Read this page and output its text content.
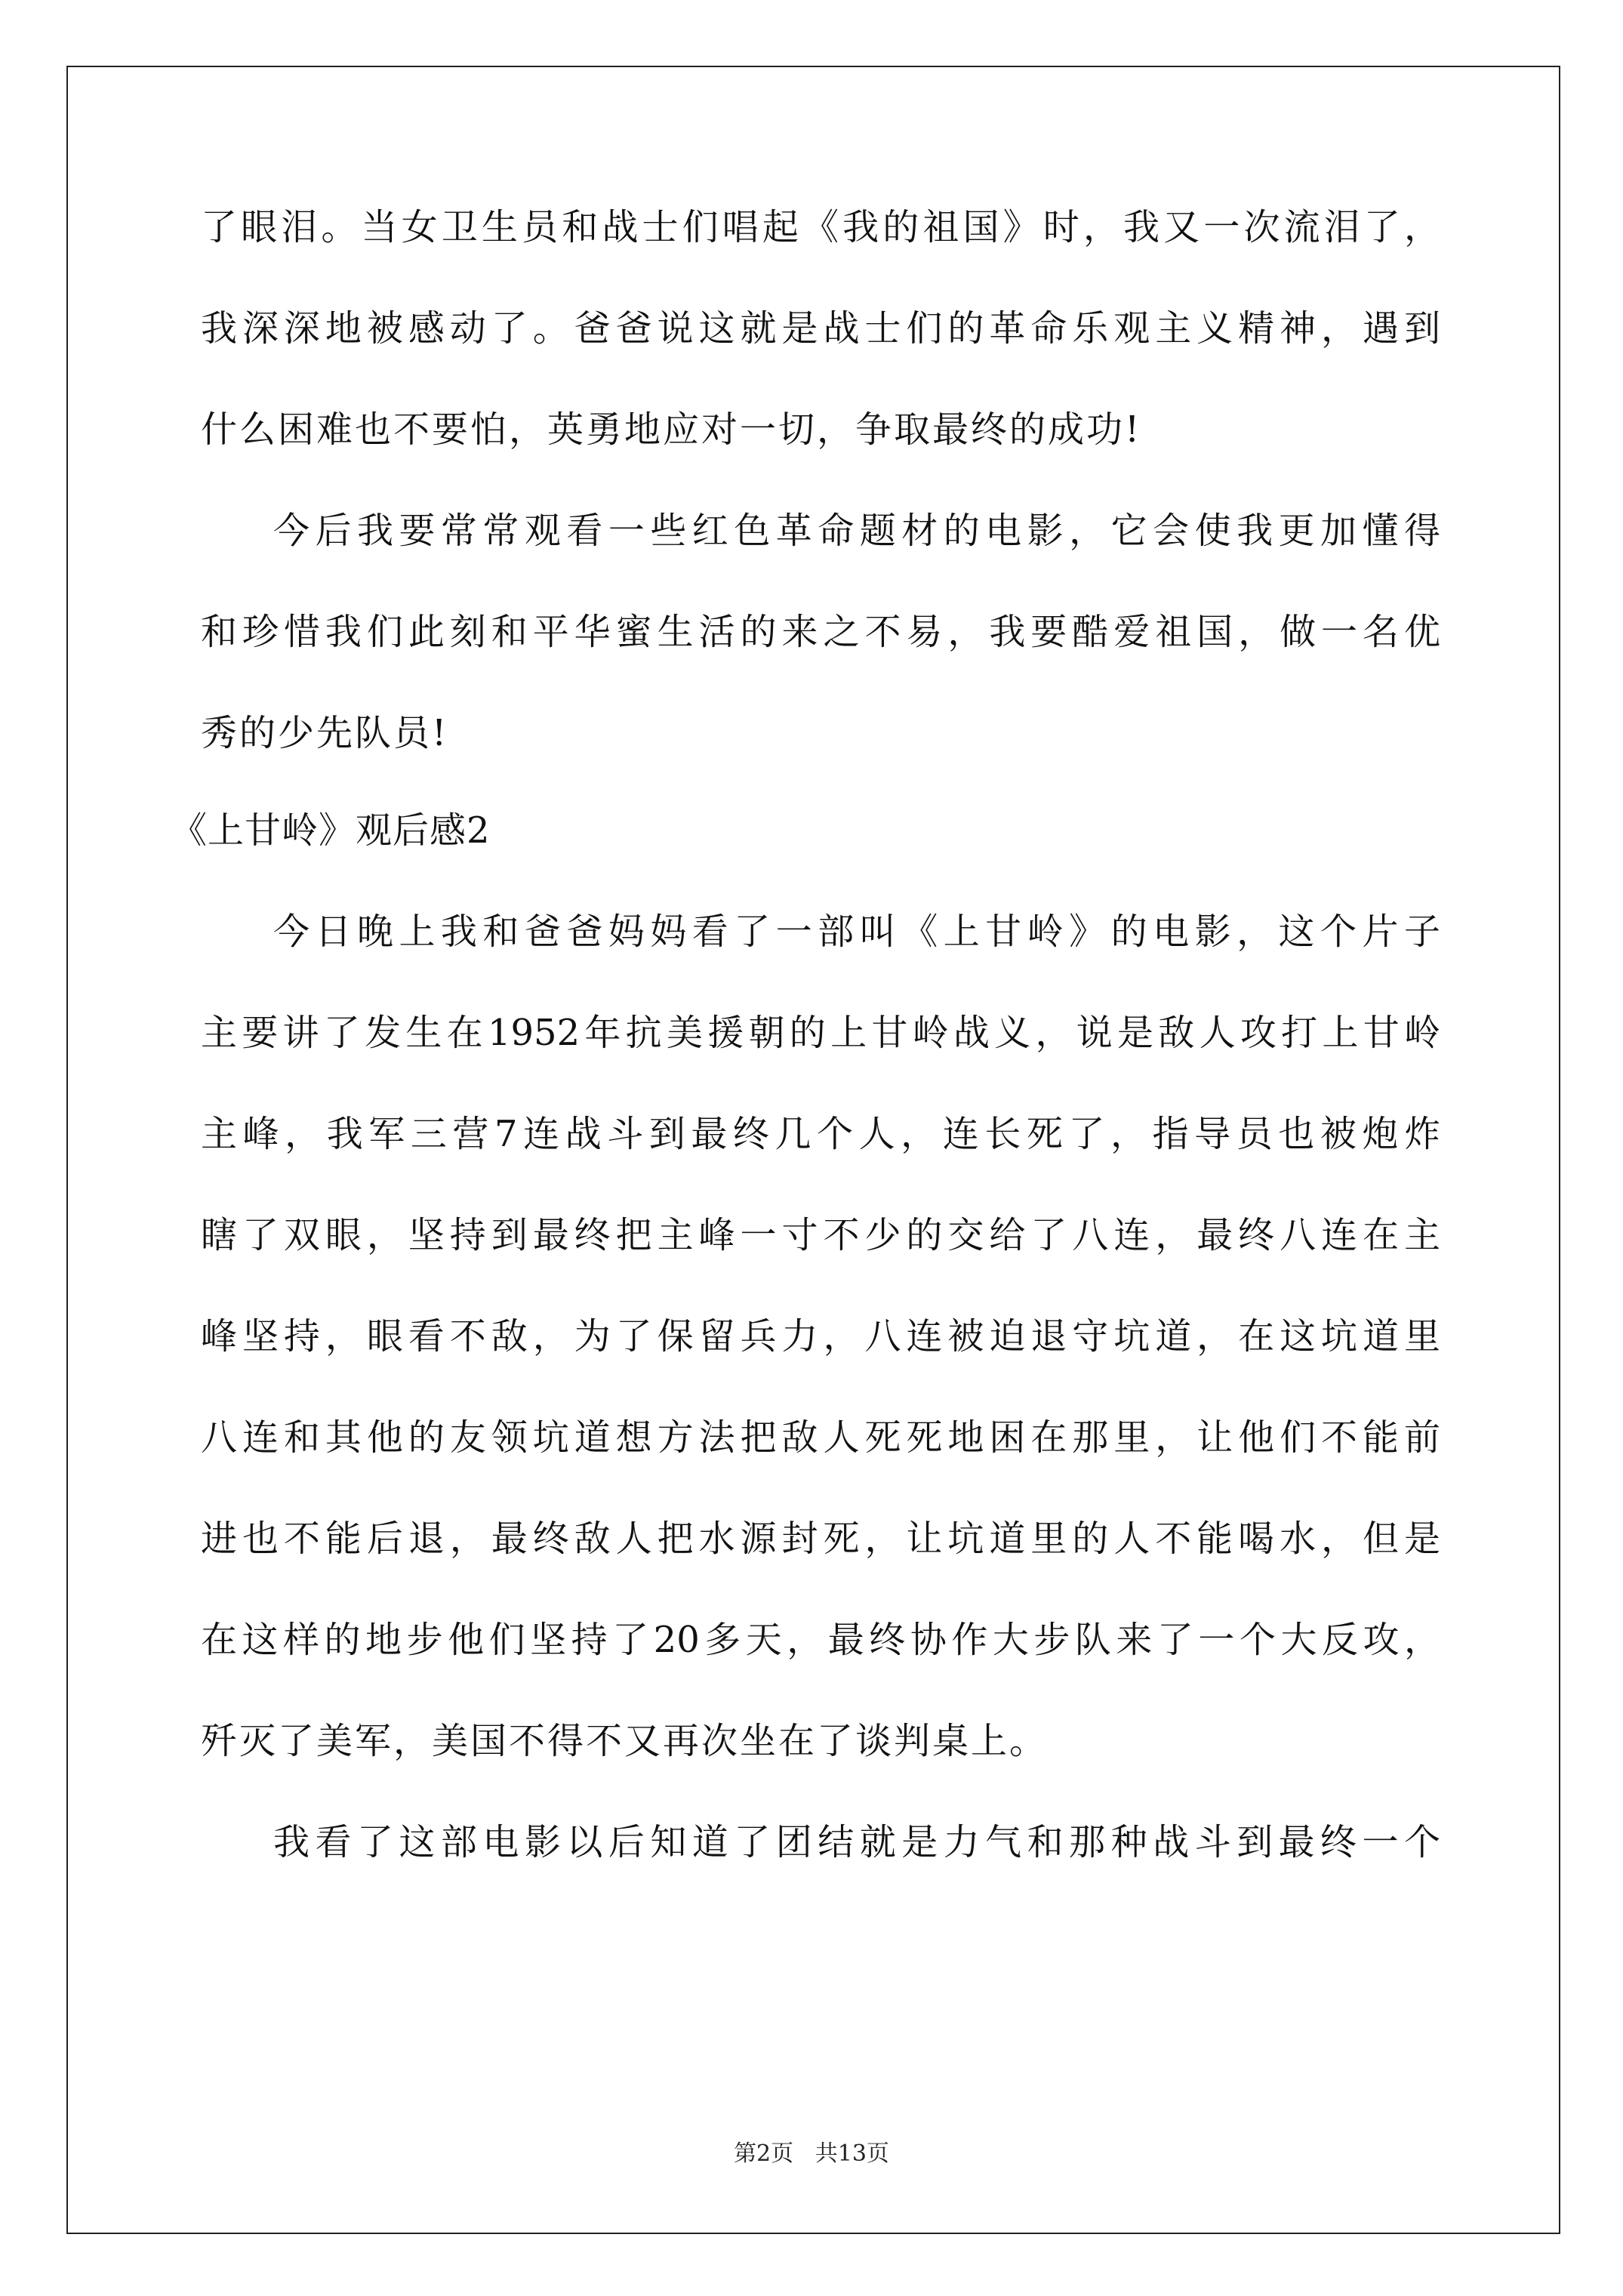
了眼泪。当女卫生员和战士们唱起《我的祖国》时，我又一次流泪了，
我深深地被感动了。爸爸说这就是战士们的革命乐观主义精神，遇到
什么困难也不要怕，英勇地应对一切，争取最终的成功!
今后我要常常观看一些红色革命题材的电影，它会使我更加懂得
和珍惜我们此刻和平华蜜生活的来之不易，我要酷爱祖国，做一名优
秀的少先队员!
《上甘岭》观后感2
今日晚上我和爸爸妈妈看了一部叫《上甘岭》的电影，这个片子
主要讲了发生在1952年抗美援朝的上甘岭战义，说是敌人攻打上甘岭
主峰，我军三营7连战斗到最终几个人，连长死了，指导员也被炮炸
瞎了双眼，坚持到最终把主峰一寸不少的交给了八连，最终八连在主
峰坚持，眼看不敌，为了保留兵力，八连被迫退守坑道，在这坑道里
八连和其他的友领坑道想方法把敌人死死地困在那里，让他们不能前
进也不能后退，最终敌人把水源封死，让坑道里的人不能喝水，但是
在这样的地步他们坚持了20多天，最终协作大步队来了一个大反攻，
歼灭了美军，美国不得不又再次坐在了谈判桌上。
我看了这部电影以后知道了团结就是力气和那种战斗到最终一个
第2页   共13页
